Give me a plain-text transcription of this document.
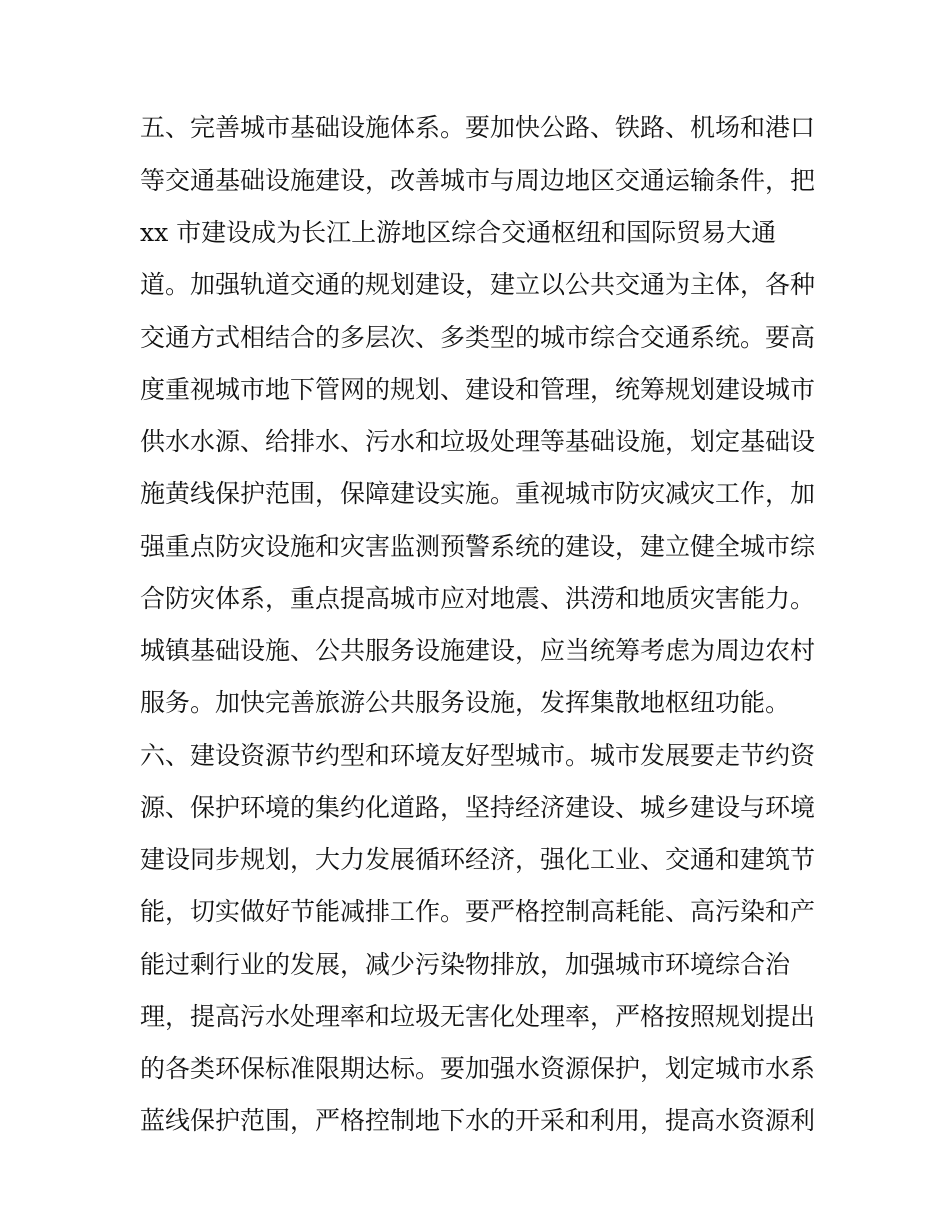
五、完善城市基础设施体系。要加快公路、铁路、机场和港口
等交通基础设施建设，改善城市与周边地区交通运输条件，把
xx 市建设成为长江上游地区综合交通枢纽和国际贸易大通
道。加强轨道交通的规划建设，建立以公共交通为主体，各种
交通方式相结合的多层次、多类型的城市综合交通系统。要高
度重视城市地下管网的规划、建设和管理，统筹规划建设城市
供水水源、给排水、污水和垃圾处理等基础设施，划定基础设
施黄线保护范围，保障建设实施。重视城市防灾减灾工作，加
强重点防灾设施和灾害监测预警系统的建设，建立健全城市综
合防灾体系，重点提高城市应对地震、洪涝和地质灾害能力。
城镇基础设施、公共服务设施建设，应当统筹考虑为周边农村
服务。加快完善旅游公共服务设施，发挥集散地枢纽功能。
六、建设资源节约型和环境友好型城市。城市发展要走节约资
源、保护环境的集约化道路，坚持经济建设、城乡建设与环境
建设同步规划，大力发展循环经济，强化工业、交通和建筑节
能，切实做好节能减排工作。要严格控制高耗能、高污染和产
能过剩行业的发展，减少污染物排放，加强城市环境综合治
理，提高污水处理率和垃圾无害化处理率，严格按照规划提出
的各类环保标准限期达标。要加强水资源保护，划定城市水系
蓝线保护范围，严格控制地下水的开采和利用，提高水资源利
